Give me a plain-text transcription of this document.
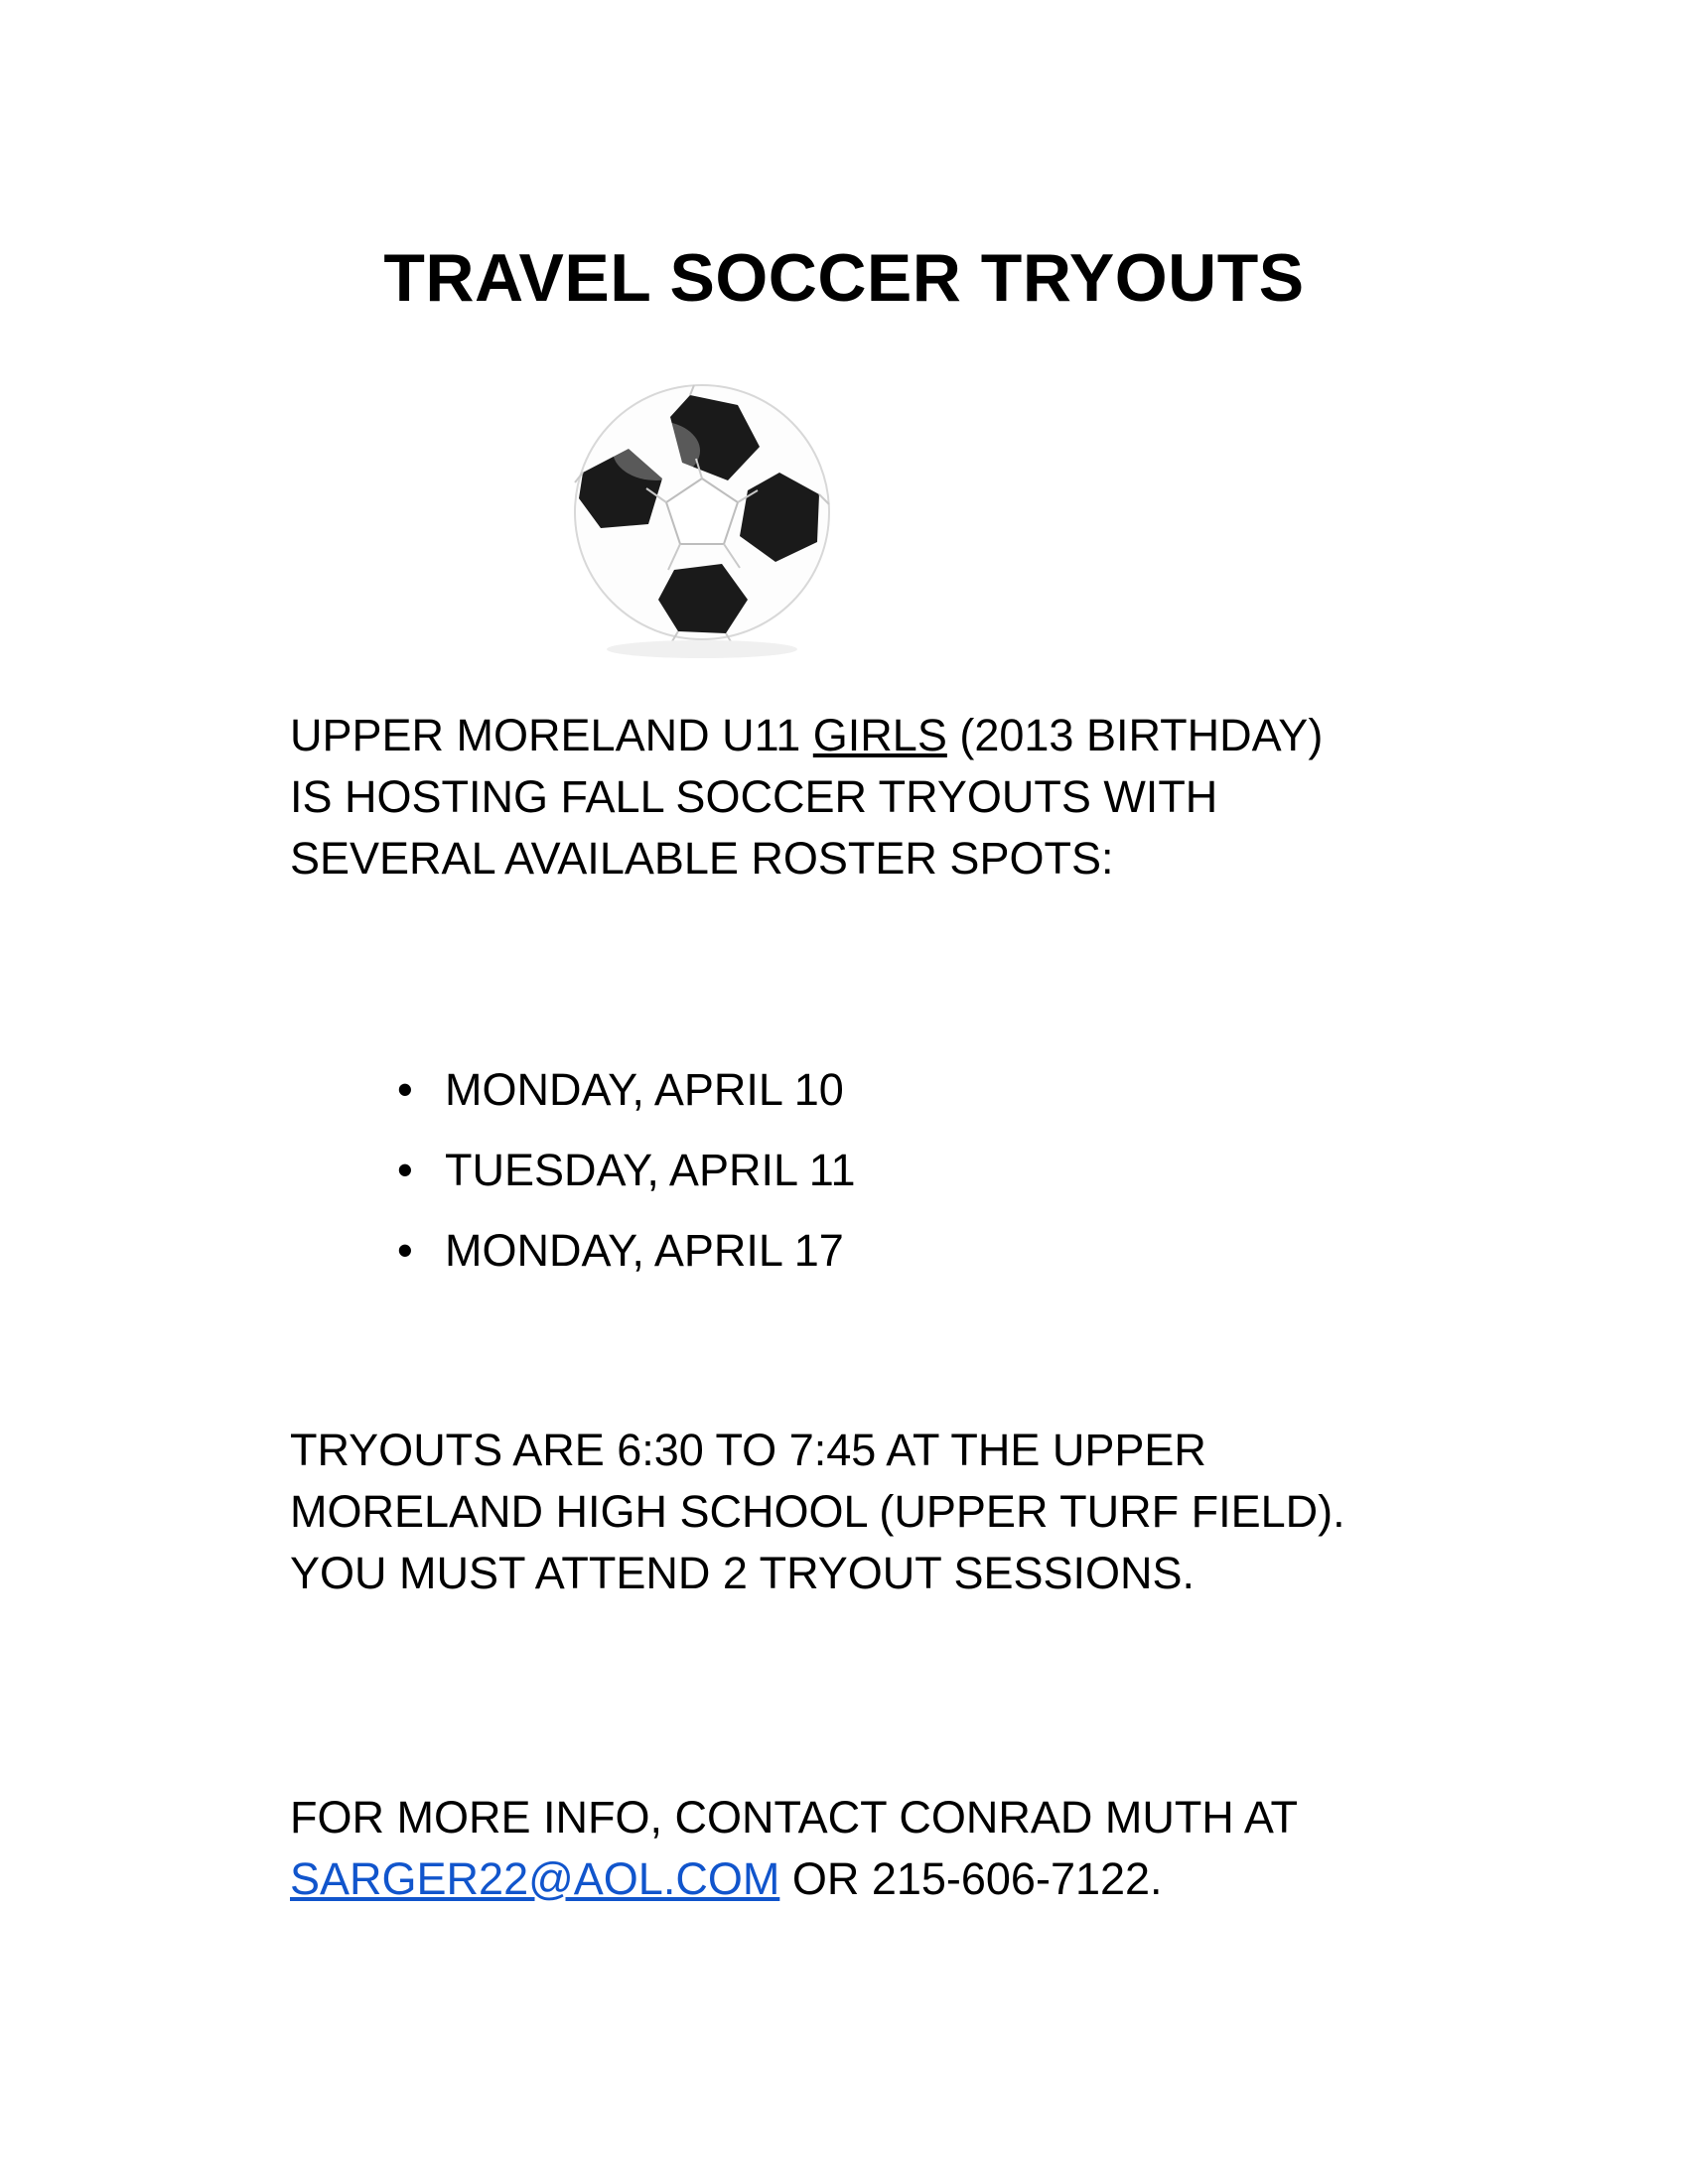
TRAVEL SOCCER TRYOUTS
UPPER MORELAND U11 GIRLS (2013 BIRTHDAY)
IS HOSTING FALL SOCCER TRYOUTS WITH
SEVERAL AVAILABLE ROSTER SPOTS:
• MONDAY, APRIL 10
• TUESDAY, APRIL 11
• MONDAY, APRIL 17
TRYOUTS ARE 6:30 TO 7:45 AT THE UPPER
MORELAND HIGH SCHOOL (UPPER TURF FIELD).
YOU MUST ATTEND 2 TRYOUT SESSIONS.
FOR MORE INFO, CONTACT CONRAD MUTH AT
SARGER22@AOL.COM OR 215-606-7122.
